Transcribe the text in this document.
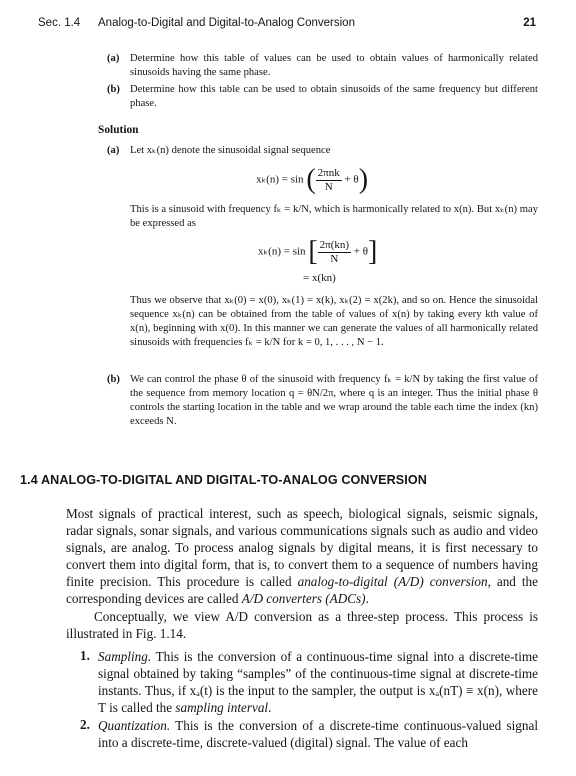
Sec. 1.4 Analog-to-Digital and Digital-to-Analog Conversion	21
(a) Determine how this table of values can be used to obtain values of harmonically related sinusoids having the same phase.
(b) Determine how this table can be used to obtain sinusoids of the same frequency but different phase.
Solution
(a) Let xₖ(n) denote the sinusoidal signal sequence
xₖ(n) = sin ( $\frac{\text{2πnk}}{N} + \theta$)
This is a sinusoid with frequency fₖ = k/N, which is harmonically related to x(n). But xₖ(n) may be expressed as
xₖ(n) = sin [ $\frac{2\pi(kn)}{N} + \theta$]
= x(kn)
Thus we observe that xₖ(0) = x(0), xₖ(1) = x(k), xₖ(2) = x(2k), and so on. Hence the sinusoidal sequence xₖ(n) can be obtained from the table of values of x(n) by taking every kth value of x(n), beginning with x(0). In this manner we can generate the values of all harmonically related sinusoids with frequencies fₖ = k/N for k = 0, 1, . . . , N − 1.
(b) We can control the phase θ of the sinusoid with frequency fₖ = k/N by taking the first value of the sequence from memory location q = θN/2π, where q is an integer. Thus the initial phase θ controls the starting location in the table and we wrap around the table each time the index (kn) exceeds N.
1.4 ANALOG-TO-DIGITAL AND DIGITAL-TO-ANALOG CONVERSION
Most signals of practical interest, such as speech, biological signals, seismic signals, radar signals, sonar signals, and various communications signals such as audio and video signals, are analog. To process analog signals by digital means, it is first necessary to convert them into digital form, that is, to convert them to a sequence of numbers having finite precision. This procedure is called analog-to-digital (A/D) conversion, and the corresponding devices are called A/D converters (ADCs).
Conceptually, we view A/D conversion as a three-step process. This process is illustrated in Fig. 1.14.
1. Sampling. This is the conversion of a continuous-time signal into a discrete-time signal obtained by taking “samples” of the continuous-time signal at discrete-time instants. Thus, if xₐ(t) is the input to the sampler, the output is xₐ(nT) ≡ x(n), where T is called the sampling interval.
2. Quantization. This is the conversion of a discrete-time continuous-valued signal into a discrete-time, discrete-valued (digital) signal. The value of each
